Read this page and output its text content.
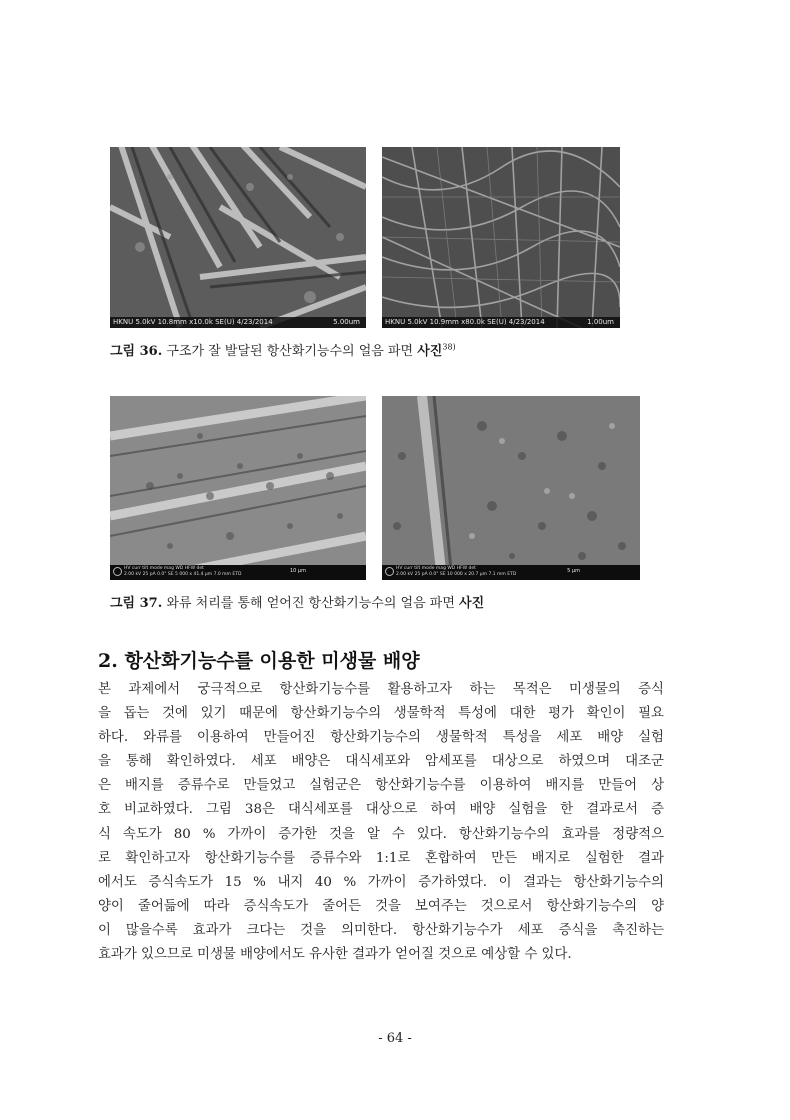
HKNU 5.0kV 10.8mm x10.0k SE(U) 4/23/2014	5.00um	HKNU 5.0kV 10.9mm x80.0k SE(U) 4/23/2014	1.00um
그림 36. 구조가 잘 발달된 항산화기능수의 얼음 파면 사진$^{38)}$
HV curr tilt mode mag WD HFW det
2.00 kV 25 pA 0.0° SE 5 000 x 41.4 μm 7.0 mm ETD	10 μm	HV curr tilt mode mag WD HFW det
2.00 kV 25 pA 0.0° SE 10 000 x 20.7 μm 7.1 mm ETD	5 μm
그림 37. 와류 처리를 통해 얻어진 항산화기능수의 얼음 파면 사진
2. 항산화기능수를 이용한 미생물 배양
본 과제에서 궁극적으로 항산화기능수를 활용하고자 하는 목적은 미생물의 증식
을 돕는 것에 있기 때문에 항산화기능수의 생물학적 특성에 대한 평가 확인이 필요
하다. 와류를 이용하여 만들어진 항산화기능수의 생물학적 특성을 세포 배양 실험
을 통해 확인하였다. 세포 배양은 대식세포와 암세포를 대상으로 하였으며 대조군
은 배지를 증류수로 만들었고 실험군은 항산화기능수를 이용하여 배지를 만들어 상
호 비교하였다. 그림 38은 대식세포를 대상으로 하여 배양 실험을 한 결과로서 증
식 속도가 80 % 가까이 증가한 것을 알 수 있다. 항산화기능수의 효과를 정량적으
로 확인하고자 항산화기능수를 증류수와 1:1로 혼합하여 만든 배지로 실험한 결과
에서도 증식속도가 15 % 내지 40 % 가까이 증가하였다. 이 결과는 항산화기능수의
양이 줄어듦에 따라 증식속도가 줄어든 것을 보여주는 것으로서 항산화기능수의 양
이 많을수록 효과가 크다는 것을 의미한다. 항산화기능수가 세포 증식을 촉진하는
효과가 있으므로 미생물 배양에서도 유사한 결과가 얻어질 것으로 예상할 수 있다.
- 64 -
